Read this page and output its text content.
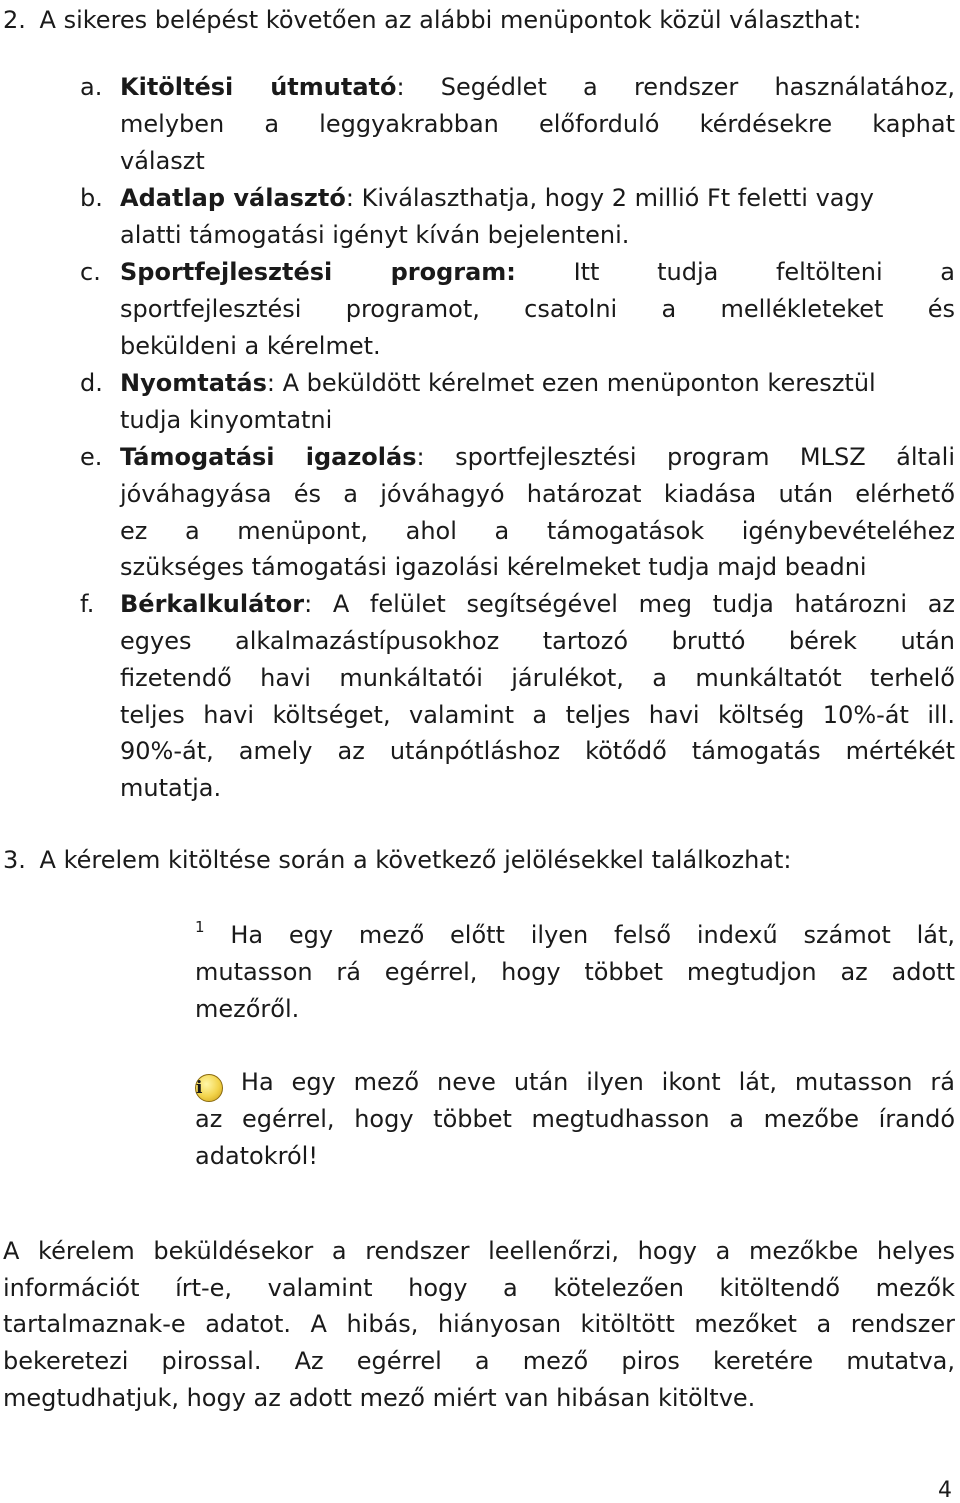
2. A sikeres belépést követően az alábbi menüpontok közül választhat:
a. Kitöltési útmutató: Segédlet a rendszer használatához,
melyben a leggyakrabban előforduló kérdésekre kaphat
választ
b. Adatlap választó: Kiválaszthatja, hogy 2 millió Ft feletti vagy
alatti támogatási igényt kíván bejelenteni.
c. Sportfejlesztési program: Itt tudja feltölteni a
sportfejlesztési programot, csatolni a mellékleteket és
beküldeni a kérelmet.
d. Nyomtatás: A beküldött kérelmet ezen menüponton keresztül
tudja kinyomtatni
e. Támogatási igazolás: sportfejlesztési program MLSZ általi
jóváhagyása és a jóváhagyó határozat kiadása után elérhető
ez a menüpont, ahol a támogatások igénybevételéhez
szükséges támogatási igazolási kérelmeket tudja majd beadni
f. Bérkalkulátor: A felület segítségével meg tudja határozni az
egyes alkalmazástípusokhoz tartozó bruttó bérek után
fizetendő havi munkáltatói járulékot, a munkáltatót terhelő
teljes havi költséget, valamint a teljes havi költség 10%-át ill.
90%-át, amely az utánpótláshoz kötődő támogatás mértékét
mutatja.
3. A kérelem kitöltése során a következő jelölésekkel találkozhat:
$^1$ Ha egy mező előtt ilyen felső indexű számot lát,
mutasson rá egérrel, hogy többet megtudjon az adott
mezőről.
i Ha egy mező neve után ilyen ikont lát, mutasson rá
az egérrel, hogy többet megtudhasson a mezőbe írandó
adatokról!
A kérelem beküldésekor a rendszer leellenőrzi, hogy a mezőkbe helyes
információt írt-e, valamint hogy a kötelezően kitöltendő mezők
tartalmaznak-e adatot. A hibás, hiányosan kitöltött mezőket a rendszer
bekeretezi pirossal. Az egérrel a mező piros keretére mutatva,
megtudhatjuk, hogy az adott mező miért van hibásan kitöltve.
4
